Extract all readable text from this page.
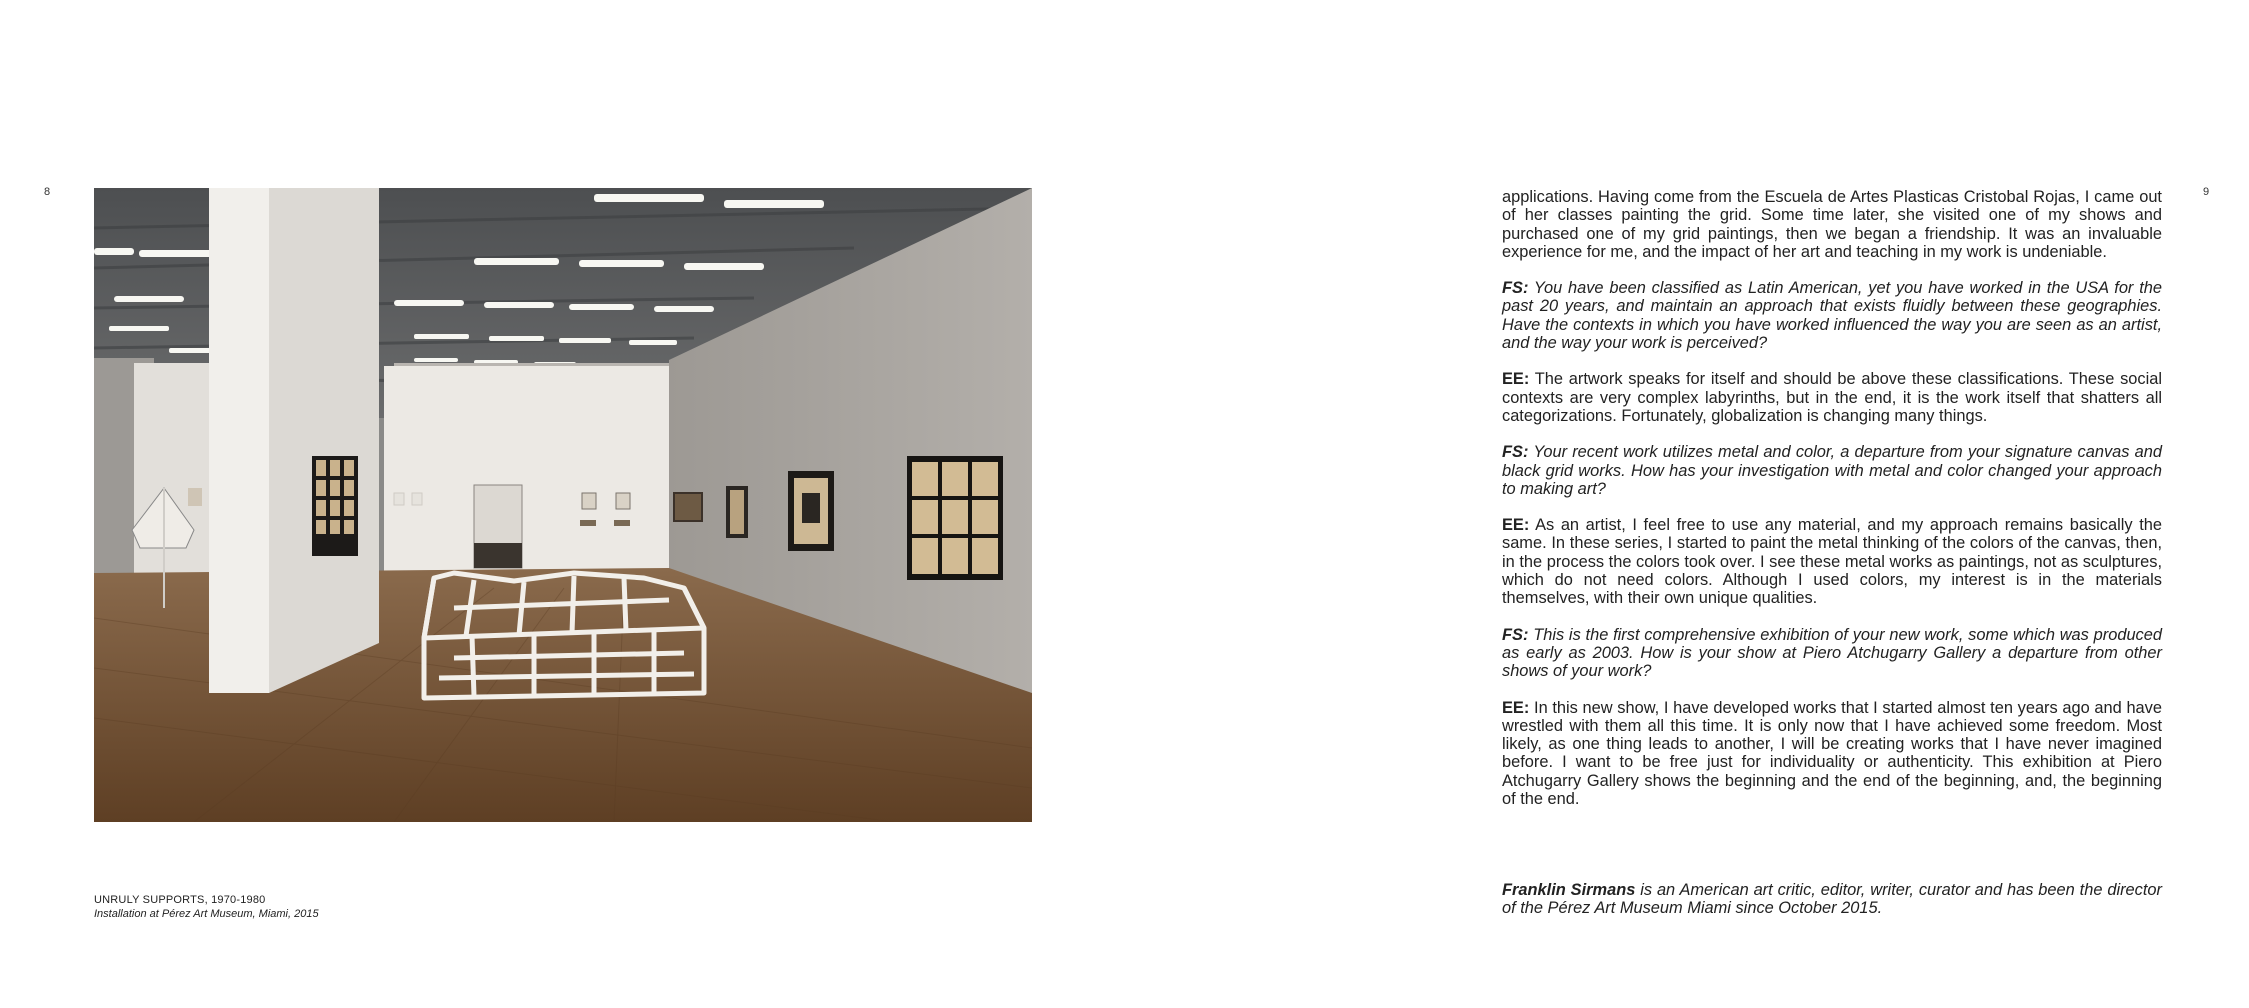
8	9
UNRULY SUPPORTS, 1970-1980
Installation at Pérez Art Museum, Miami, 2015

applications. Having come from the Escuela de Artes Plasticas Cristobal Rojas, I came out of her classes painting the grid. Some time later, she visited one of my shows and purchased one of my grid paintings, then we began a friendship. It was an invaluable experience for me, and the impact of her art and teaching in my work is undeniable.

FS: You have been classified as Latin American, yet you have worked in the USA for the past 20 years, and maintain an approach that exists fluidly between these geographies. Have the contexts in which you have worked influenced the way you are seen as an artist, and the way your work is perceived?

EE: The artwork speaks for itself and should be above these classifications. These social contexts are very complex labyrinths, but in the end, it is the work itself that shatters all categorizations. Fortunately, globalization is changing many things.

FS: Your recent work utilizes metal and color, a departure from your signature canvas and black grid works. How has your investigation with metal and color changed your approach to making art?

EE: As an artist, I feel free to use any material, and my approach remains basically the same. In these series, I started to paint the metal thinking of the colors of the canvas, then, in the process the colors took over. I see these metal works as paintings, not as sculptures, which do not need colors. Although I used colors, my interest is in the materials themselves, with their own unique qualities.

FS: This is the first comprehensive exhibition of your new work, some which was produced as early as 2003. How is your show at Piero Atchugarry Gallery a departure from other shows of your work?

EE: In this new show, I have developed works that I started almost ten years ago and have wrestled with them all this time. It is only now that I have achieved some freedom. Most likely, as one thing leads to another, I will be creating works that I have never imagined before. I want to be free just for individuality or authenticity. This exhibition at Piero Atchugarry Gallery shows the beginning and the end of the beginning, and, the beginning of the end.

Franklin Sirmans is an American art critic, editor, writer, curator and has been the director of the Pérez Art Museum Miami since October 2015.
